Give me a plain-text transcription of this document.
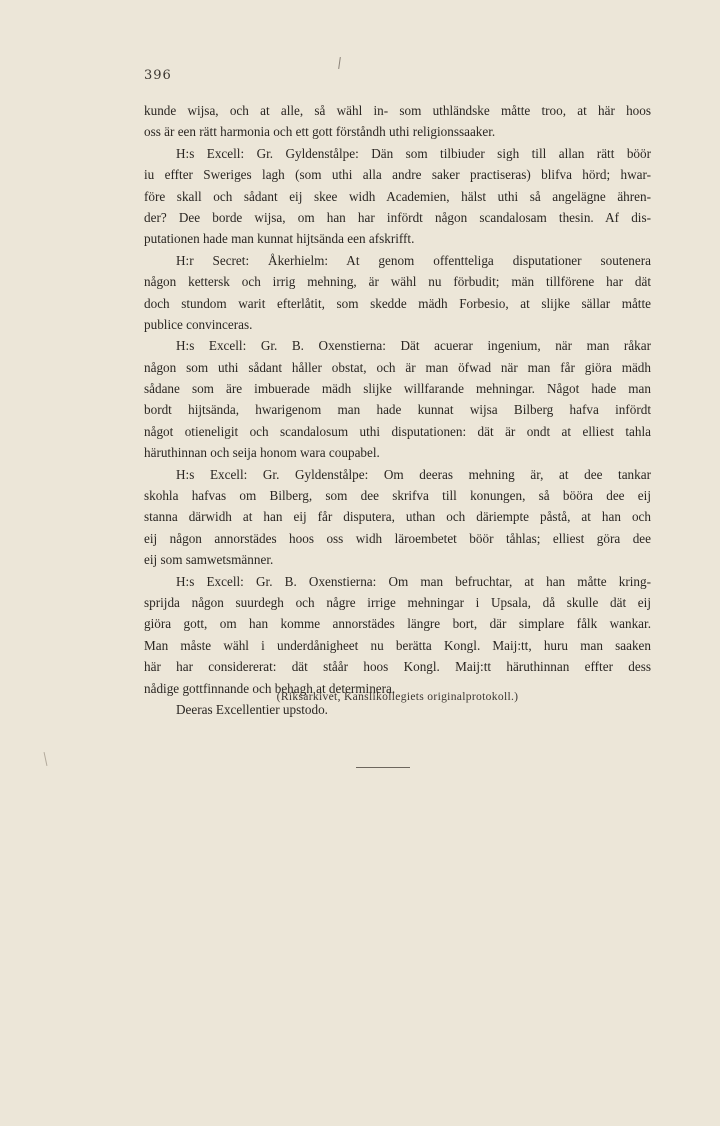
396
kunde wijsa, och at alle, så wähl in- som uthländske måtte troo, at här hoos
oss är een rätt harmonia och ett gott förståndh uthi religionssaaker.
H:s Excell: Gr. Gyldenstålpe: Dän som tilbiuder sigh till allan rätt böör
iu effter Sweriges lagh (som uthi alla andre saker practiseras) blifva hörd; hwar-
före skall och sådant eij skee widh Academien, hälst uthi så angelägne ähren-
der? Dee borde wijsa, om han har infördt någon scandalosam thesin. Af dis-
putationen hade man kunnat hijtsända een afskrifft.
H:r Secret: Åkerhielm: At genom offentteliga disputationer soutenera
någon kettersk och irrig mehning, är wähl nu förbudit; män tillförene har dät
doch stundom warit efterlåtit, som skedde mädh Forbesio, at slijke sällar måtte
publice convinceras.
H:s Excell: Gr. B. Oxenstierna: Dät acuerar ingenium, när man råkar
någon som uthi sådant håller obstat, och är man öfwad när man får giöra mädh
sådane som äre imbuerade mädh slijke willfarande mehningar. Något hade man
bordt hijtsända, hwarigenom man hade kunnat wijsa Bilberg hafva infördt
något otieneligit och scandalosum uthi disputationen: dät är ondt at elliest tahla
häruthinnan och seija honom wara coupabel.
H:s Excell: Gr. Gyldenstålpe: Om deeras mehning är, at dee tankar
skohla hafvas om Bilberg, som dee skrifva till konungen, så bööra dee eij
stanna därwidh at han eij får disputera, uthan och däriempte påstå, at han och
eij någon annorstädes hoos oss widh läroembetet böör tåhlas; elliest göra dee
eij som samwetsmänner.
H:s Excell: Gr. B. Oxenstierna: Om man befruchtar, at han måtte kring-
sprijda någon suurdegh och någre irrige mehningar i Upsala, då skulle dät eij
giöra gott, om han komme annorstädes längre bort, där simplare fålk wankar.
Man måste wähl i underdånigheet nu berätta Kongl. Maij:tt, huru man saaken
här har considererat: dät ståår hoos Kongl. Maij:tt häruthinnan effter dess
nådige gottfinnande och behagh at determinera.
Deeras Excellentier upstodo.
(Riksarkivet, Kanslikollegiets originalprotokoll.)
